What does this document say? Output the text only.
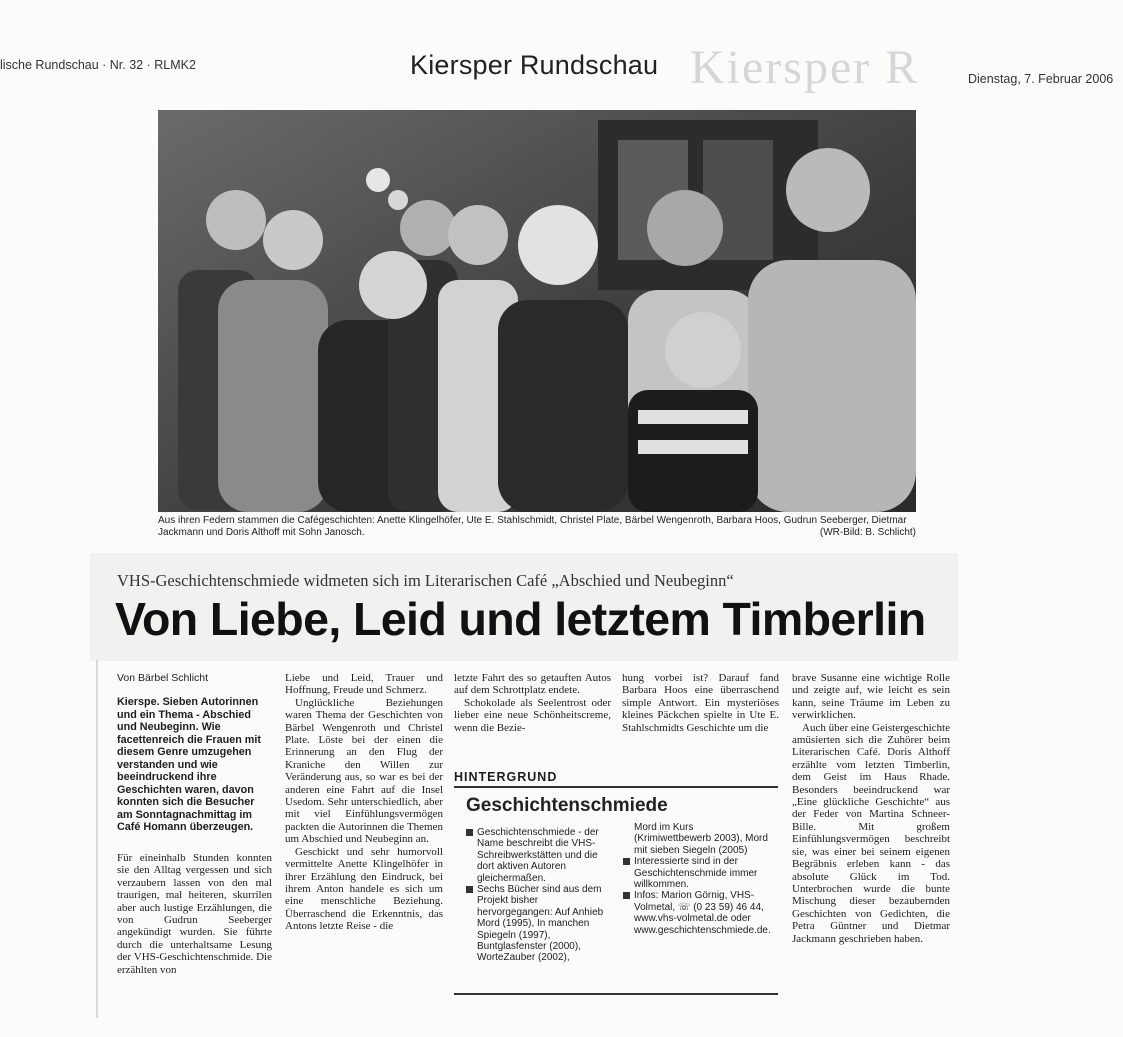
lische Rundschau · Nr. 32 · RLMK2	Kiersper R
Kiersper Rundschau	Dienstag, 7. Februar 2006
Aus ihren Federn stammen die Cafégeschichten: Anette Klingelhöfer, Ute E. Stahlschmidt, Christel Plate, Bärbel Wengenroth, Barbara Hoos, Gudrun Seeberger, Dietmar Jackmann und Doris Althoff mit Sohn Janosch.	(WR-Bild: B. Schlicht)
VHS-Geschichtenschmiede widmeten sich im Literarischen Café „Abschied und Neubeginn“
Von Liebe, Leid und letztem Timberlin
Von Bärbel Schlicht
Kierspe. Sieben Autorinnen und ein Thema - Abschied und Neubeginn. Wie facettenreich die Frauen mit diesem Genre umzugehen verstanden und wie beeindruckend ihre Geschichten waren, davon konnten sich die Besucher am Sonntagnachmittag im Café Homann überzeugen.

Für eineinhalb Stunden konnten sie den Alltag vergessen und sich verzaubern lassen von den mal traurigen, mal heiteren, skurrilen aber auch lustige Erzählungen, die von Gudrun Seeberger angekündigt wurden. Sie führte durch die unterhaltsame Lesung der VHS-Geschichtenschmide. Die erzählten von

Liebe und Leid, Trauer und Hoffnung, Freude und Schmerz.

Unglückliche Beziehungen waren Thema der Geschichten von Bärbel Wengenroth und Christel Plate. Löste bei der einen die Erinnerung an den Flug der Kraniche den Willen zur Veränderung aus, so war es bei der anderen eine Fahrt auf die Insel Usedom. Sehr unterschiedlich, aber mit viel Einfühlungsvermögen packten die Autorinnen die Themen um Abschied und Neubeginn an.

Geschickt und sehr humorvoll vermittelte Anette Klingelhöfer in ihrer Erzählung den Eindruck, bei ihrem Anton handele es sich um eine menschliche Beziehung. Überraschend die Erkenntnis, das Antons letzte Reise - die

letzte Fahrt des so getauften Autos auf dem Schrottplatz endete.

Schokolade als Seelentrost oder lieber eine neue Schönheitscreme, wenn die Bezie-

hung vorbei ist? Darauf fand Barbara Hoos eine überraschend simple Antwort. Ein mysteriöses kleines Päckchen spielte in Ute E. Stahlschmidts Geschichte um die

brave Susanne eine wichtige Rolle und zeigte auf, wie leicht es sein kann, seine Träume im Leben zu verwirklichen.

Auch über eine Geistergeschichte amüsierten sich die Zuhörer beim Literarischen Café. Doris Althoff erzählte vom letzten Timberlin, dem Geist im Haus Rhade. Besonders beeindruckend war „Eine glückliche Geschichte“ aus der Feder von Martina Schneer-Bille. Mit großem Einfühlungsvermögen beschreibt sie, was einer bei seinem eigenen Begräbnis erleben kann - das absolute Glück im Tod. Unterbrochen wurde die bunte Mischung dieser bezaubernden Geschichten von Gedichten, die Petra Güntner und Dietmar Jackmann geschrieben haben.

HINTERGRUND
Geschichtenschmiede
Geschichtenschmiede - der Name beschreibt die VHS-Schreibwerkstätten und die dort aktiven Autoren gleichermaßen.
Sechs Bücher sind aus dem Projekt bisher hervorgegangen: Auf Anhieb Mord (1995), In manchen Spiegeln (1997), Buntglasfenster (2000), WorteZauber (2002),
Mord im Kurs (Krimiwettbewerb 2003), Mord mit sieben Siegeln (2005)
Interessierte sind in der Geschichtenschmide immer willkommen.
Infos: Marion Görnig, VHS-Volmetal, ☏ (0 23 59) 46 44, www.vhs-volmetal.de oder www.geschichtenschmiede.de.
